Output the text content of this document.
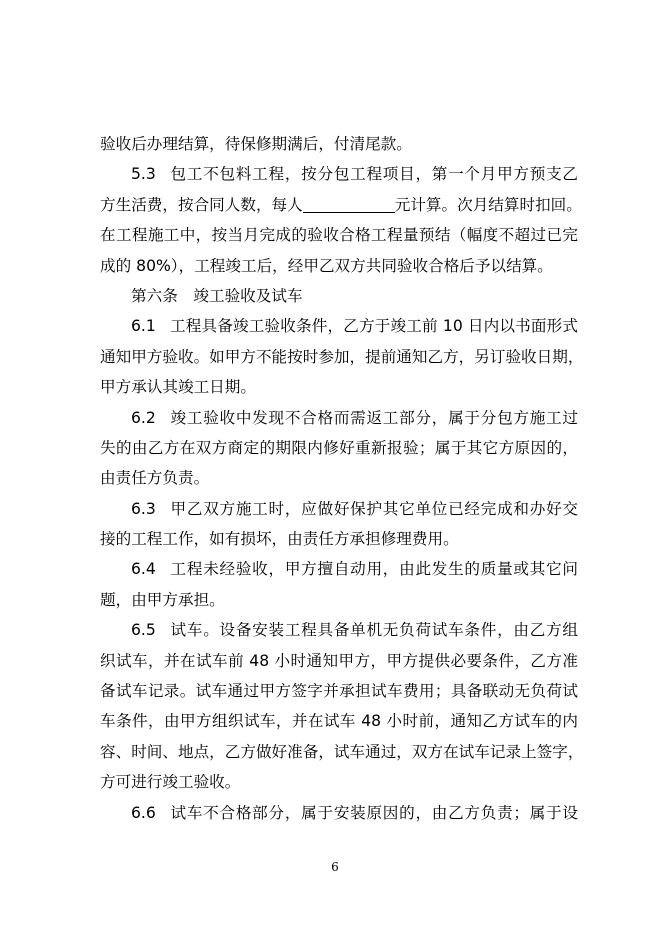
验收后办理结算，待保修期满后，付清尾款。
5.3 包工不包料工程，按分包工程项目，第一个月甲方预支乙
方生活费，按合同人数，每人	元计算。次月结算时扣回。
在工程施工中，按当月完成的验收合格工程量预结（幅度不超过已完
成的 80%），工程竣工后，经甲乙双方共同验收合格后予以结算。
第六条　竣工验收及试车
6.1 工程具备竣工验收条件，乙方于竣工前 10 日内以书面形式
通知甲方验收。如甲方不能按时参加，提前通知乙方，另订验收日期，
甲方承认其竣工日期。
6.2 竣工验收中发现不合格而需返工部分，属于分包方施工过
失的由乙方在双方商定的期限内修好重新报验；属于其它方原因的，
由责任方负责。
6.3 甲乙双方施工时，应做好保护其它单位已经完成和办好交
接的工程工作，如有损坏，由责任方承担修理费用。
6.4 工程未经验收，甲方擅自动用，由此发生的质量或其它问
题，由甲方承担。
6.5 试车。设备安装工程具备单机无负荷试车条件，由乙方组
织试车，并在试车前 48 小时通知甲方，甲方提供必要条件，乙方准
备试车记录。试车通过甲方签字并承担试车费用；具备联动无负荷试
车条件，由甲方组织试车，并在试车 48 小时前，通知乙方试车的内
容、时间、地点，乙方做好准备，试车通过，双方在试车记录上签字，
方可进行竣工验收。
6.6 试车不合格部分，属于安装原因的，由乙方负责；属于设
6
